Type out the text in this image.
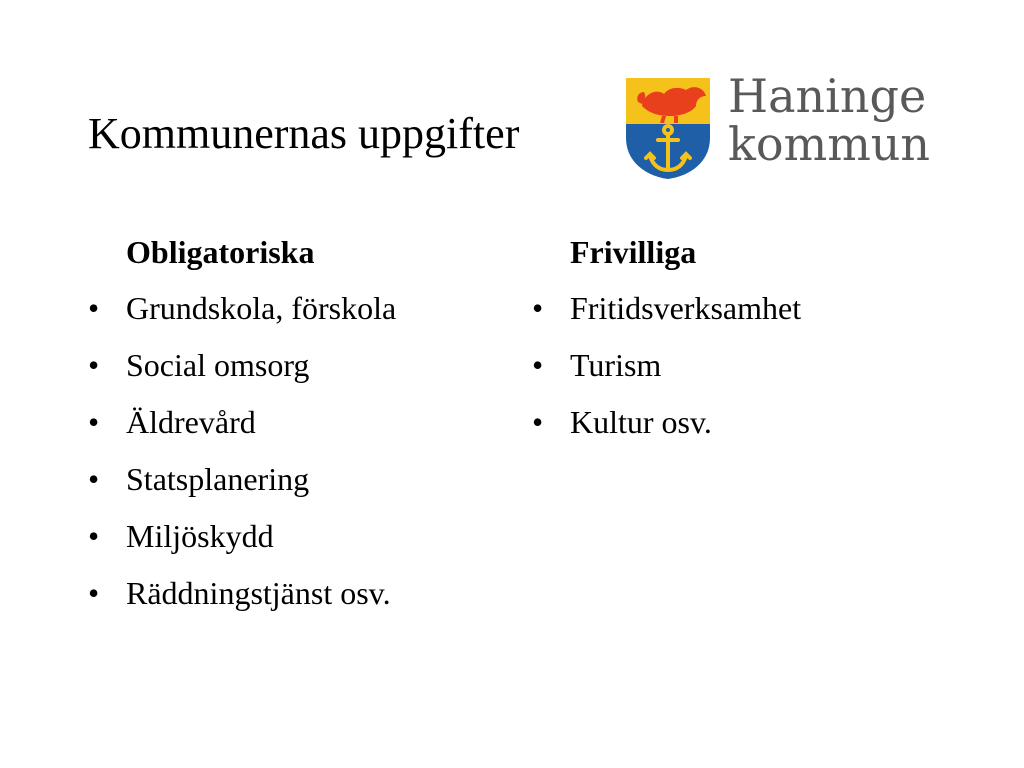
Kommunernas uppgifter
Haninge
kommun
Obligatoriska
• Grundskola, förskola
• Social omsorg
• Äldrevård
• Statsplanering
• Miljöskydd
• Räddningstjänst osv.
Frivilliga
• Fritidsverksamhet
• Turism
• Kultur osv.
